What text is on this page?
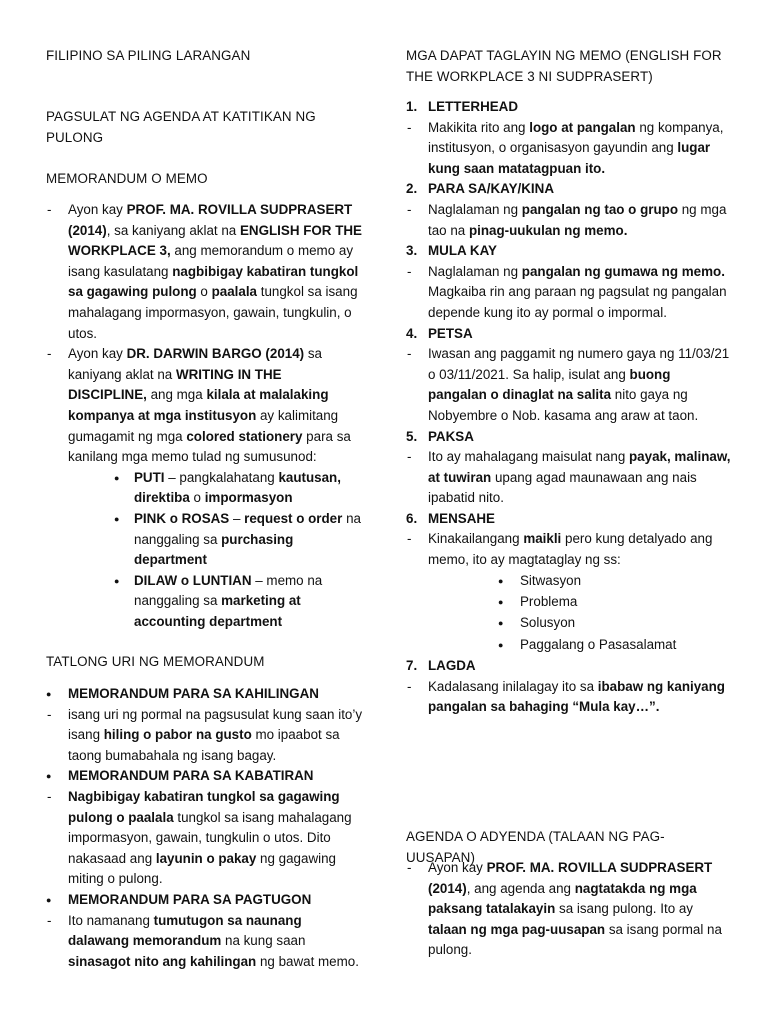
FILIPINO SA PILING LARANGAN

PAGSULAT NG AGENDA AT KATITIKAN NG PULONG

MEMORANDUM O MEMO

- Ayon kay PROF. MA. ROVILLA SUDPRASERT (2014), sa kaniyang aklat na ENGLISH FOR THE WORKPLACE 3, ang memorandum o memo ay isang kasulatang nagbibigay kabatiran tungkol sa gagawing pulong o paalala tungkol sa isang mahalagang impormasyon, gawain, tungkulin, o utos.
- Ayon kay DR. DARWIN BARGO (2014) sa kaniyang aklat na WRITING IN THE DISCIPLINE, ang mga kilala at malalaking kompanya at mga institusyon ay kalimitang gumagamit ng mga colored stationery para sa kanilang mga memo tulad ng sumusunod:
● PUTI – pangkalahatang kautusan, direktiba o impormasyon
● PINK o ROSAS – request o order na nanggaling sa purchasing department
● DILAW o LUNTIAN – memo na nanggaling sa marketing at accounting department

TATLONG URI NG MEMORANDUM

● MEMORANDUM PARA SA KAHILINGAN
- isang uri ng pormal na pagsusulat kung saan ito’y isang hiling o pabor na gusto mo ipaabot sa taong bumabahala ng isang bagay.
● MEMORANDUM PARA SA KABATIRAN
- Nagbibigay kabatiran tungkol sa gagawing pulong o paalala tungkol sa isang mahalagang impormasyon, gawain, tungkulin o utos. Dito nakasaad ang layunin o pakay ng gagawing miting o pulong.
● MEMORANDUM PARA SA PAGTUGON
- Ito namanang tumutugon sa naunang dalawang memorandum na kung saan sinasagot nito ang kahilingan ng bawat memo.

MGA DAPAT TAGLAYIN NG MEMO (ENGLISH FOR THE WORKPLACE 3 NI SUDPRASERT)

1. LETTERHEAD
- Makikita rito ang logo at pangalan ng kompanya, institusyon, o organisasyon gayundin ang lugar kung saan matatagpuan ito.
2. PARA SA/KAY/KINA
- Naglalaman ng pangalan ng tao o grupo ng mga tao na pinag-uukulan ng memo.
3. MULA KAY
- Naglalaman ng pangalan ng gumawa ng memo. Magkaiba rin ang paraan ng pagsulat ng pangalan depende kung ito ay pormal o impormal.
4. PETSA
- Iwasan ang paggamit ng numero gaya ng 11/03/21 o 03/11/2021. Sa halip, isulat ang buong pangalan o dinaglat na salita nito gaya ng Nobyembre o Nob. kasama ang araw at taon.
5. PAKSA
- Ito ay mahalagang maisulat nang payak, malinaw, at tuwiran upang agad maunawaan ang nais ipabatid nito.
6. MENSAHE
- Kinakailangang maikli pero kung detalyado ang memo, ito ay magtataglay ng ss:
● Sitwasyon
● Problema
● Solusyon
● Paggalang o Pasasalamat
7. LAGDA
- Kadalasang inilalagay ito sa ibabaw ng kaniyang pangalan sa bahaging “Mula kay…”.

AGENDA O ADYENDA (TALAAN NG PAG-UUSAPAN)

- Ayon kay PROF. MA. ROVILLA SUDPRASERT (2014), ang agenda ang nagtatakda ng mga paksang tatalakayin sa isang pulong. Ito ay talaan ng mga pag-uusapan sa isang pormal na pulong.
